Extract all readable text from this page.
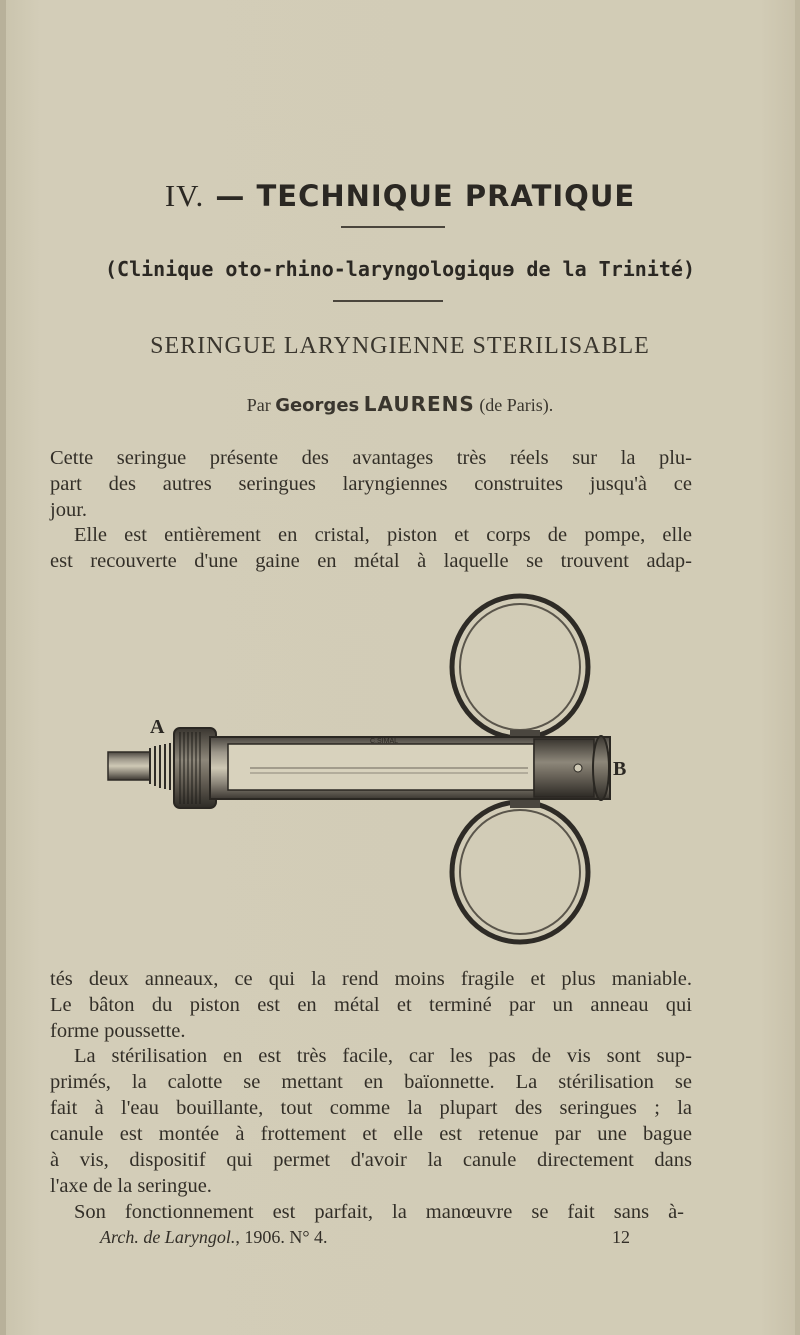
IV. — TECHNIQUE PRATIQUE
(Clinique oto-rhino-laryngologiquɘ de la Trinité)
SERINGUE LARYNGIENNE STERILISABLE
Par Georges LAURENS (de Paris).
Cette seringue présente des avantages très réels sur la plu-
part des autres seringues laryngiennes construites jusqu'à ce
jour.
Elle est entièrement en cristal, piston et corps de pompe, elle
est recouverte d'une gaine en métal à laquelle se trouvent adap-
C.SIMAL
A
B
tés deux anneaux, ce qui la rend moins fragile et plus maniable.
Le bâton du piston est en métal et terminé par un anneau qui
forme poussette.
La stérilisation en est très facile, car les pas de vis sont sup-
primés, la calotte se mettant en baïonnette. La stérilisation se
fait à l'eau bouillante, tout comme la plupart des seringues ; la
canule est montée à frottement et elle est retenue par une bague
à vis, dispositif qui permet d'avoir la canule directement dans
l'axe de la seringue.
Son fonctionnement est parfait, la manœuvre se fait sans à-
Arch. de Laryngol., 1906. N° 4.	12
